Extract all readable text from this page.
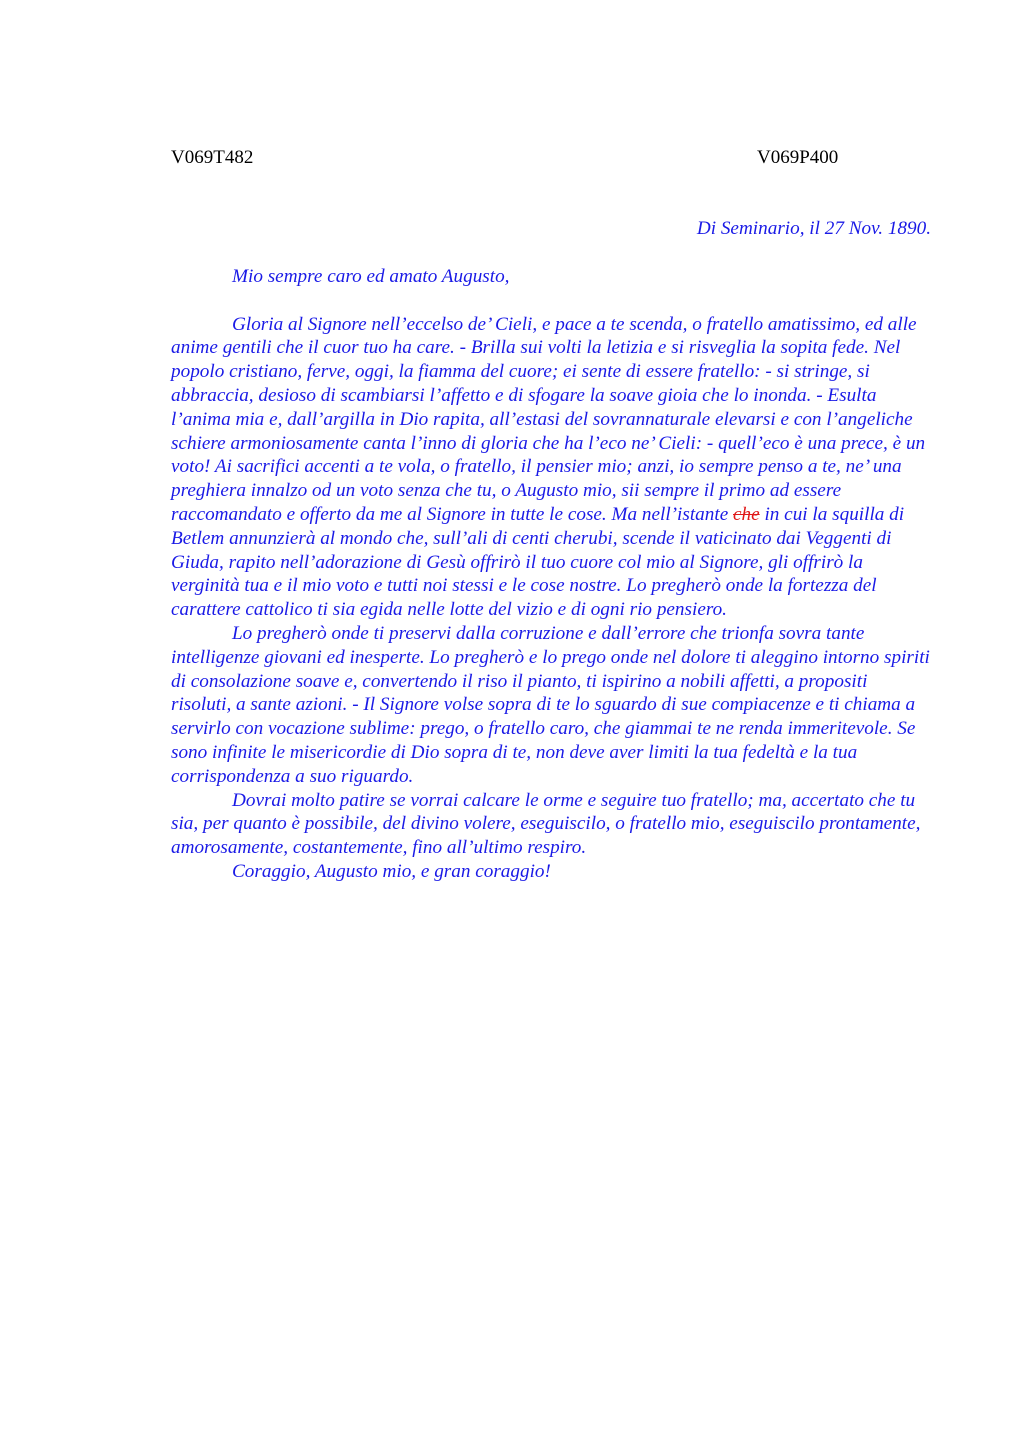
V069T482	V069P400

Di Seminario, il 27 Nov. 1890.

Mio sempre caro ed amato Augusto,

Gloria al Signore nell’eccelso de’ Cieli, e pace a te scenda, o fratello amatissimo, ed alle anime gentili che il cuor tuo ha care. - Brilla sui volti la letizia e si risveglia la sopita fede. Nel popolo cristiano, ferve, oggi, la fiamma del cuore; ei sente di essere fratello: - si stringe, si abbraccia, desioso di scambiarsi l’affetto e di sfogare la soave gioia che lo inonda. - Esulta l’anima mia e, dall’argilla in Dio rapita, all’estasi del sovrannaturale elevarsi e con l’angeliche schiere armoniosamente canta l’inno di gloria che ha l’eco ne’ Cieli: - quell’eco è una prece, è un voto! Ai sacrifici accenti a te vola, o fratello, il pensier mio; anzi, io sempre penso a te, ne’ una preghiera innalzo od un voto senza che tu, o Augusto mio, sii sempre il primo ad essere raccomandato e offerto da me al Signore in tutte le cose. Ma nell’istante che in cui la squilla di Betlem annunzierà al mondo che, sull’ali di centi cherubi, scende il vaticinato dai Veggenti di Giuda, rapito nell’adorazione di Gesù offrirò il tuo cuore col mio al Signore, gli offrirò la verginità tua e il mio voto e tutti noi stessi e le cose nostre. Lo pregherò onde la fortezza del carattere cattolico ti sia egida nelle lotte del vizio e di ogni rio pensiero.

Lo pregherò onde ti preservi dalla corruzione e dall’errore che trionfa sovra tante intelligenze giovani ed inesperte. Lo pregherò e lo prego onde nel dolore ti aleggino intorno spiriti di consolazione soave e, convertendo il riso il pianto, ti ispirino a nobili affetti, a propositi risoluti, a sante azioni. - Il Signore volse sopra di te lo sguardo di sue compiacenze e ti chiama a servirlo con vocazione sublime: prego, o fratello caro, che giammai te ne renda immeritevole. Se sono infinite le misericordie di Dio sopra di te, non deve aver limiti la tua fedeltà e la tua corrispondenza a suo riguardo.

Dovrai molto patire se vorrai calcare le orme e seguire tuo fratello; ma, accertato che tu sia, per quanto è possibile, del divino volere, eseguiscilo, o fratello mio, eseguiscilo prontamente, amorosamente, costantemente, fino all’ultimo respiro.

Coraggio, Augusto mio, e gran coraggio!
